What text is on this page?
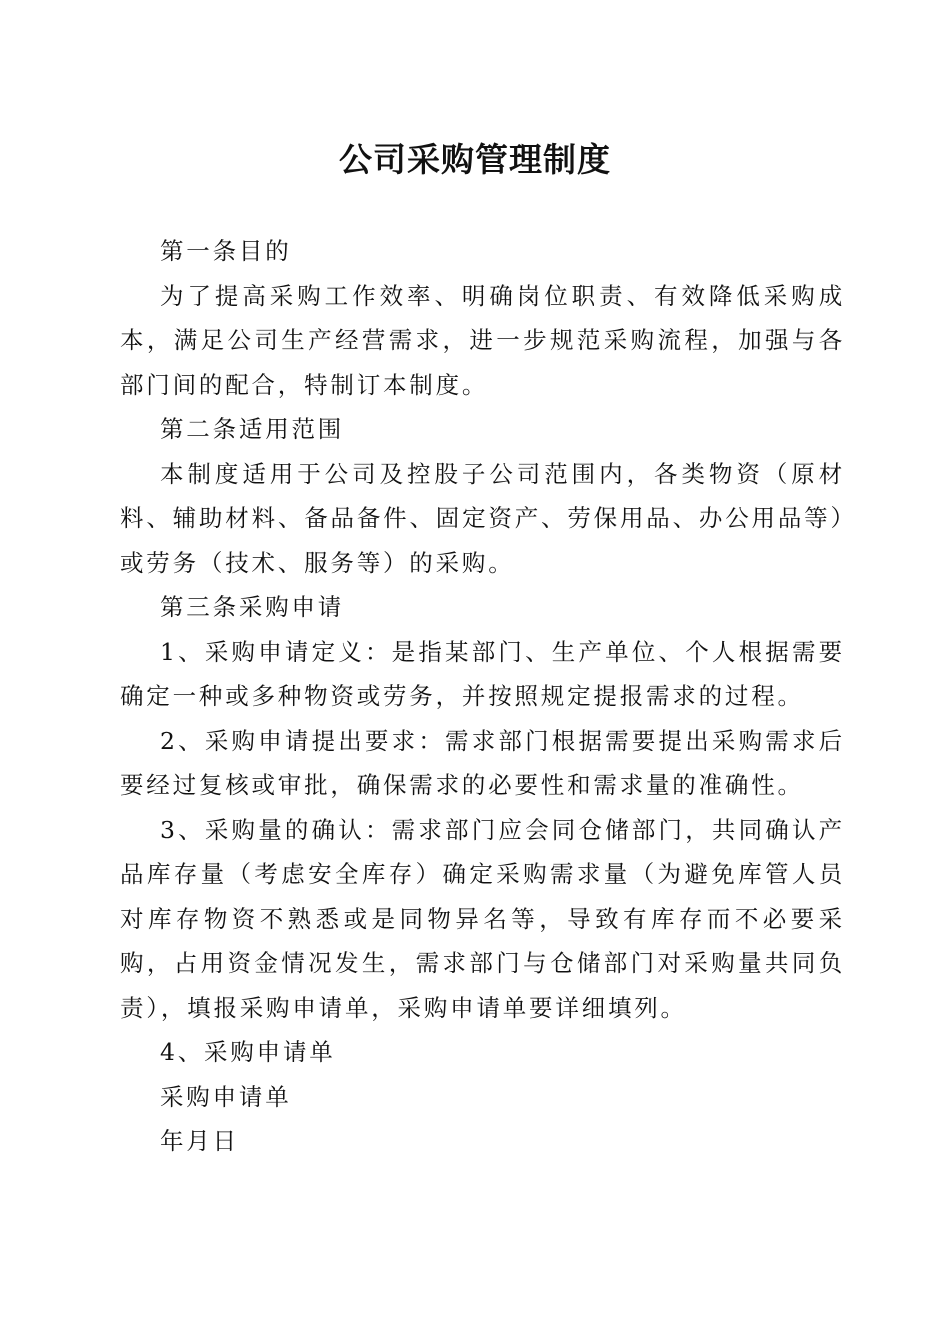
公司采购管理制度

第一条目的

为了提高采购工作效率、明确岗位职责、有效降低采购成本，满足公司生产经营需求，进一步规范采购流程，加强与各部门间的配合，特制订本制度。

第二条适用范围

本制度适用于公司及控股子公司范围内，各类物资（原材料、辅助材料、备品备件、固定资产、劳保用品、办公用品等）或劳务（技术、服务等）的采购。

第三条采购申请

1、采购申请定义：是指某部门、生产单位、个人根据需要确定一种或多种物资或劳务，并按照规定提报需求的过程。

2、采购申请提出要求：需求部门根据需要提出采购需求后要经过复核或审批，确保需求的必要性和需求量的准确性。

3、采购量的确认：需求部门应会同仓储部门，共同确认产品库存量（考虑安全库存）确定采购需求量（为避免库管人员对库存物资不熟悉或是同物异名等，导致有库存而不必要采购，占用资金情况发生，需求部门与仓储部门对采购量共同负责），填报采购申请单，采购申请单要详细填列。

4、采购申请单

采购申请单

年月日
